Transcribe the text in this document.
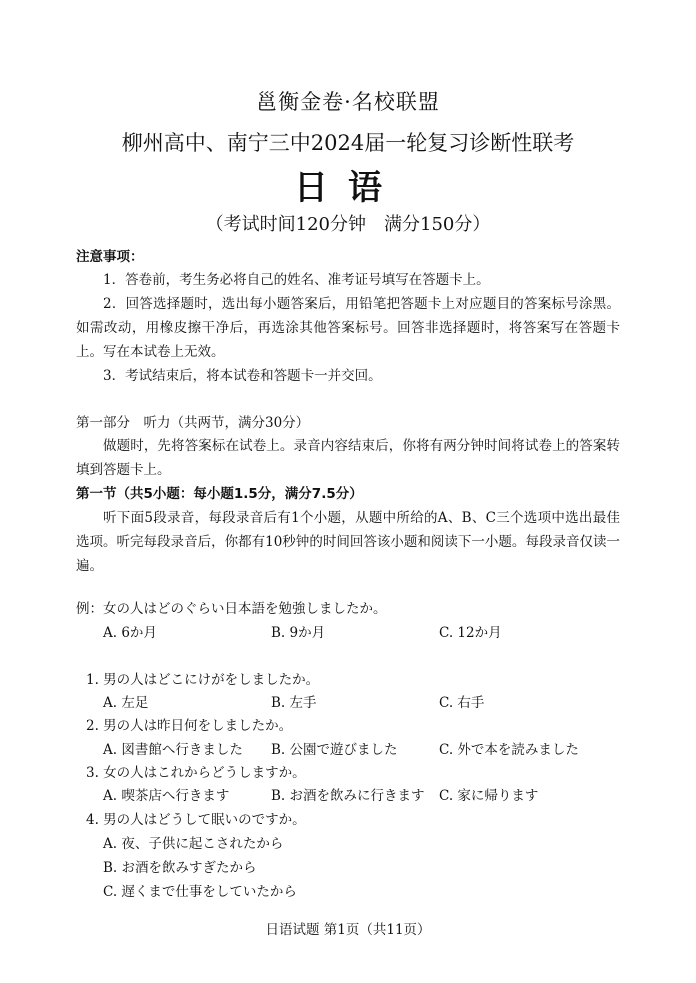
邕衡金卷·名校联盟
柳州高中、南宁三中2024届一轮复习诊断性联考
日语
（考试时间120分钟　满分150分）
注意事项：
1．答卷前，考生务必将自己的姓名、准考证号填写在答题卡上。
2．回答选择题时，选出每小题答案后，用铅笔把答题卡上对应题目的答案标号涂黑。如需改动，用橡皮擦干净后，再选涂其他答案标号。回答非选择题时，将答案写在答题卡上。写在本试卷上无效。
3．考试结束后，将本试卷和答题卡一并交回。
第一部分　听力（共两节，满分30分）
做题时，先将答案标在试卷上。录音内容结束后，你将有两分钟时间将试卷上的答案转填到答题卡上。
第一节（共5小题：每小题1.5分，满分7.5分）
听下面5段录音，每段录音后有1个小题，从题中所给的A、B、C三个选项中选出最佳选项。听完每段录音后，你都有10秒钟的时间回答该小题和阅读下一小题。每段录音仅读一遍。
例：女の人はどのぐらい日本語を勉強しましたか。
A. 6か月	B. 9か月	C. 12か月
1. 男の人はどこにけがをしましたか。
A. 左足	B. 左手	C. 右手
2. 男の人は昨日何をしましたか。
A. 図書館へ行きました B. 公園で遊びました	C. 外で本を読みました
3. 女の人はこれからどうしますか。
A. 喫茶店へ行きます	B. お酒を飲みに行きます C. 家に帰ります
4. 男の人はどうして眠いのですか。
A. 夜、子供に起こされたから
B. お酒を飲みすぎたから
C. 遅くまで仕事をしていたから
日语试题 第1页（共11页）
